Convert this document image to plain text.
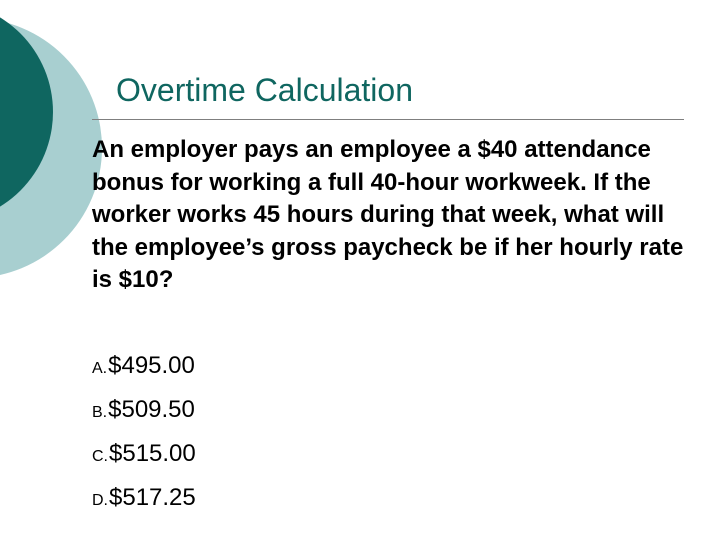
Overtime Calculation
An employer pays an employee a $40 attendance bonus for working a full 40-hour workweek. If the worker works 45 hours during that week, what will the employee’s gross paycheck be if her hourly rate is $10?
A. $495.00
B. $509.50
C. $515.00
D. $517.25
